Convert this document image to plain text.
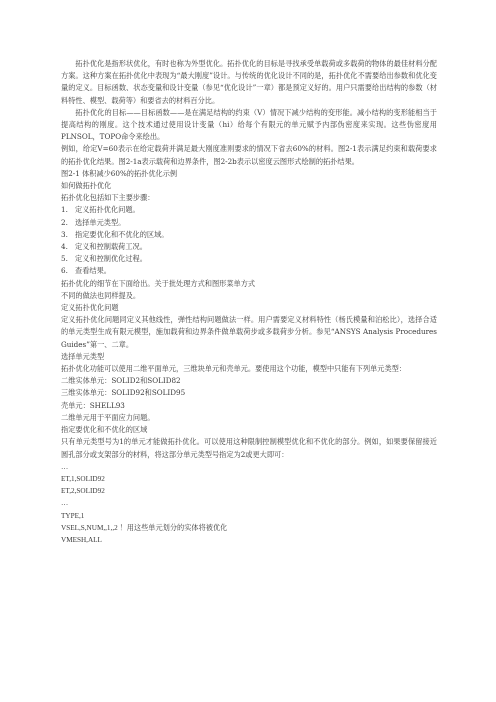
拓扑优化是指形状优化，有时也称为外型优化。拓扑优化的目标是寻找承受单载荷或多载荷的物体的最佳材料分配方案。这种方案在拓扑优化中表现为“最大刚度”设计。与传统的优化设计不同的是，拓扑优化不需要给出参数和优化变量的定义。目标函数、状态变量和设计变量（参见“优化设计”一章）都是预定义好的。用户只需要给出结构的参数（材料特性、模型、载荷等）和要省去的材料百分比。

拓扑优化的目标——目标函数——是在满足结构的约束（V）情况下减少结构的变形能。减小结构的变形能相当于提高结构的刚度。这个技术通过使用设计变量（hi）给每个有限元的单元赋予内部伪密度来实现。这些伪密度用PLNSOL，TOPO命令来绘出。

例如，给定V=60表示在给定载荷并满足最大刚度准则要求的情况下省去60%的材料。图2-1表示满足约束和载荷要求的拓扑优化结果。图2-1a表示载荷和边界条件，图2-2b表示以密度云图形式绘制的拓扑结果。

图2-1 体积减少60%的拓扑优化示例

如何做拓扑优化

拓扑优化包括如下主要步骤：

1.　定义拓扑优化问题。

2.　选择单元类型。

3.　指定要优化和不优化的区域。

4.　定义和控制载荷工况。

5.　定义和控制优化过程。

6.　查看结果。

拓扑优化的细节在下面给出。关于批处理方式和图形菜单方式

不同的做法也同样提及。

定义拓扑优化问题

定义拓扑优化问题同定义其他线性，弹性结构问题做法一样。用户需要定义材料特性（杨氏模量和泊松比），选择合适的单元类型生成有限元模型，施加载荷和边界条件做单载荷步或多载荷步分析。参见“ANSYS Analysis Procedures Guides”第一、二章。

选择单元类型

拓扑优化功能可以使用二维平面单元，三维块单元和壳单元。要使用这个功能，模型中只能有下列单元类型：

二维实体单元：SOLID2和SOLID82

三维实体单元：SOLID92和SOLID95

壳单元：SHELL93

二维单元用于平面应力问题。

指定要优化和不优化的区域

只有单元类型号为1的单元才能做拓扑优化。可以使用这种限制控制模型优化和不优化的部分。例如，如果要保留接近圆孔部分或支架部分的材料，将这部分单元类型号指定为2或更大即可：

…

ET,1,SOLID92

ET,2,SOLID92

…

TYPE,1

VSEL,S,NUM,,1,,2 ！用这些单元划分的实体将被优化

VMESH,ALL
